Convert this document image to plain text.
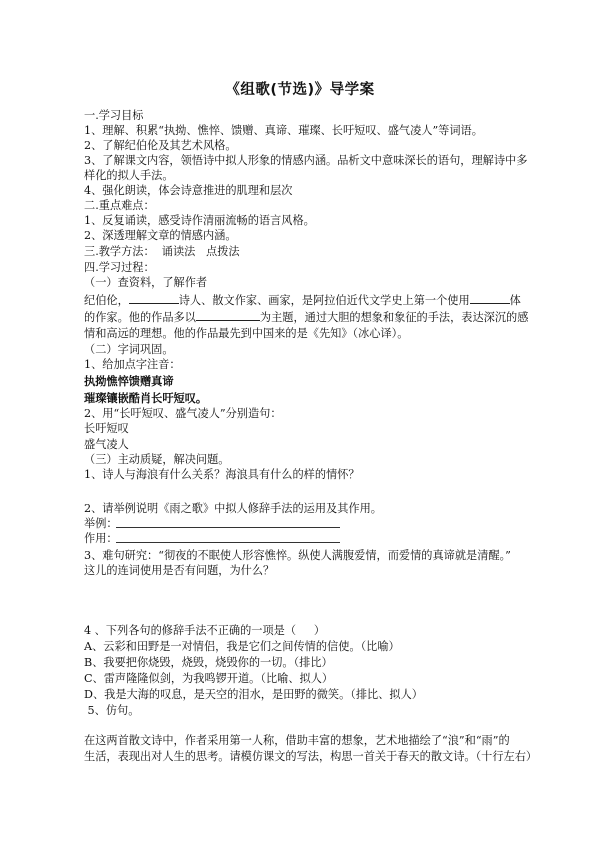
《组歌(节选)》导学案
一.学习目标
1、理解、积累“执拗、憔悴、馈赠、真谛、璀璨、长吁短叹、盛气凌人”等词语。
2、了解纪伯伦及其艺术风格。
3、了解课文内容，领悟诗中拟人形象的情感内涵。品析文中意味深长的语句，理解诗中多
样化的拟人手法。
4、强化朗读，体会诗意推进的肌理和层次
二.重点难点：
1、反复诵读，感受诗作清丽流畅的语言风格。
2、深透理解文章的情感内涵。
三.教学方法：  诵读法   点拨法
四.学习过程：
（一）查资料，了解作者
纪伯伦，	诗人、散文作家、画家，是阿拉伯近代文学史上第一个使用	体
的作家。他的作品多以	为主题，通过大胆的想象和象征的手法，表达深沉的感
情和高远的理想。他的作品最先到中国来的是《先知》（冰心译）。
（二）字词巩固。
1、给加点字注音：
执拗憔悴馈赠真谛
璀璨镶嵌酷肖长吁短叹。
2、用“长吁短叹、盛气凌人”分别造句：
长吁短叹
盛气凌人
（三）主动质疑，解决问题。
1、诗人与海浪有什么关系？海浪具有什么的样的情怀？
2、请举例说明《雨之歌》中拟人修辞手法的运用及其作用。
举例：
作用：
3、难句研究：“彻夜的不眠使人形容憔悴。纵使人满腹爱情，而爱情的真谛就是清醒。”
这儿的连词使用是否有问题，为什么？
4 、下列各句的修辞手法不正确的一项是（     ）
A、云彩和田野是一对情侣，我是它们之间传情的信使。（比喻）
B、我要把你烧毁，烧毁，烧毁你的一切。（排比）
C、雷声隆隆似剑，为我鸣锣开道。（比喻、拟人）
D、我是大海的叹息，是天空的泪水，是田野的微笑。（排比、拟人）
5、仿句。
在这两首散文诗中，作者采用第一人称，借助丰富的想象，艺术地描绘了“浪”和“雨”的
生活，表现出对人生的思考。请模仿课文的写法，构思一首关于春天的散文诗。（十行左右）
